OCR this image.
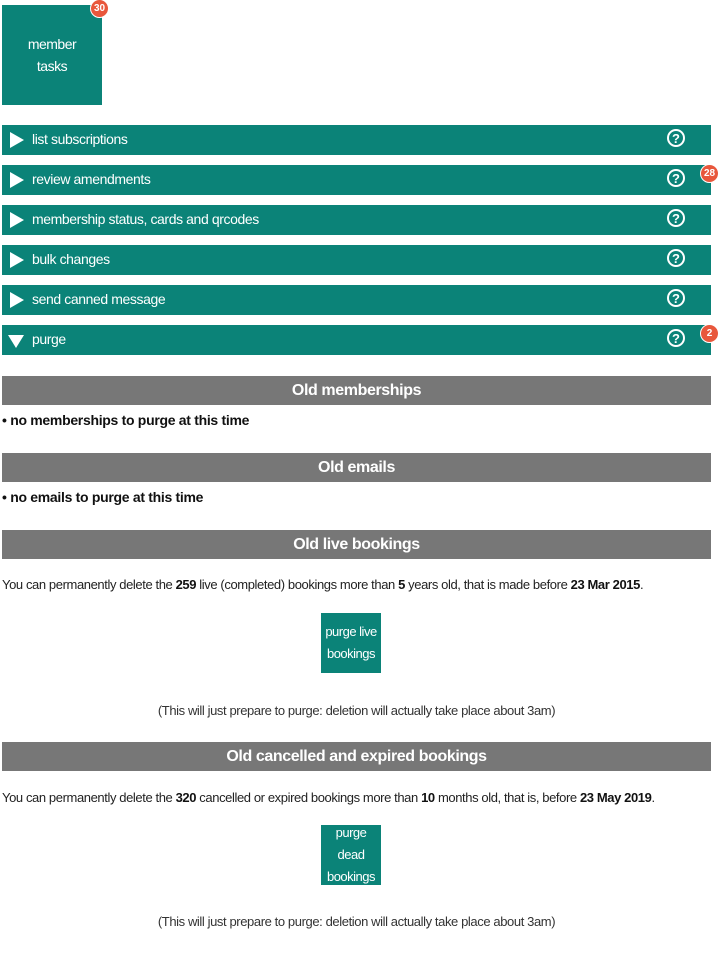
member
tasks
30
list subscriptions	?
review amendments	?	28
membership status, cards and qrcodes	?
bulk changes	?
send canned message	?
purge	?	2
Old memberships
• no memberships to purge at this time
Old emails
• no emails to purge at this time
Old live bookings
You can permanently delete the 259 live (completed) bookings more than 5 years old, that is made before 23 Mar 2015.
purge live
bookings
(This will just prepare to purge: deletion will actually take place about 3am)
Old cancelled and expired bookings
You can permanently delete the 320 cancelled or expired bookings more than 10 months old, that is, before 23 May 2019.
purge dead
bookings
(This will just prepare to purge: deletion will actually take place about 3am)
